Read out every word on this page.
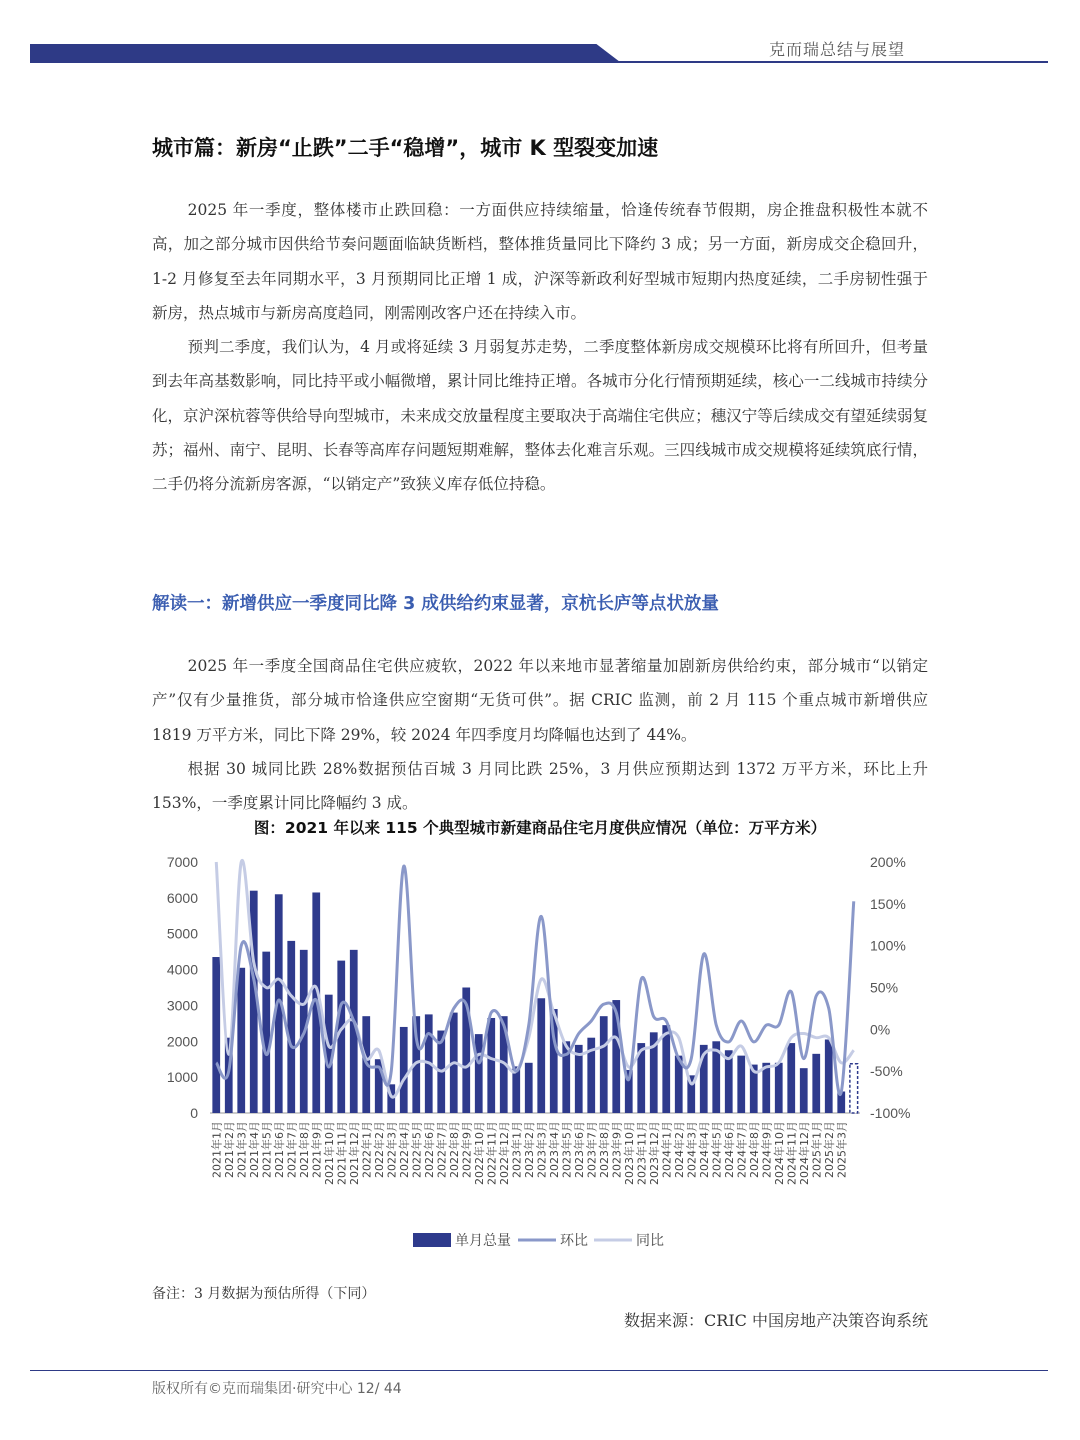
克而瑞总结与展望
城市篇：新房“止跌”二手“稳增”，城市 K 型裂变加速

2025 年一季度，整体楼市止跌回稳：一方面供应持续缩量，恰逢传统春节假期，房企推盘积极性本就不高，加之部分城市因供给节奏问题面临缺货断档，整体推货量同比下降约 3 成；另一方面，新房成交企稳回升，1-2 月修复至去年同期水平，3 月预期同比正增 1 成，沪深等新政利好型城市短期内热度延续，二手房韧性强于新房，热点城市与新房高度趋同，刚需刚改客户还在持续入市。

预判二季度，我们认为，4 月或将延续 3 月弱复苏走势，二季度整体新房成交规模环比将有所回升，但考量到去年高基数影响，同比持平或小幅微增，累计同比维持正增。各城市分化行情预期延续，核心一二线城市持续分化，京沪深杭蓉等供给导向型城市，未来成交放量程度主要取决于高端住宅供应；穗汉宁等后续成交有望延续弱复苏；福州、南宁、昆明、长春等高库存问题短期难解，整体去化难言乐观。三四线城市成交规模将延续筑底行情，二手仍将分流新房客源，“以销定产”致狭义库存低位持稳。

解读一：新增供应一季度同比降 3 成供给约束显著，京杭长庐等点状放量

2025 年一季度全国商品住宅供应疲软，2022 年以来地市显著缩量加剧新房供给约束，部分城市“以销定产”仅有少量推货，部分城市恰逢供应空窗期“无货可供”。据 CRIC 监测，前 2 月 115 个重点城市新增供应 1819 万平方米，同比下降 29%，较 2024 年四季度月均降幅也达到了 44%。

根据 30 城同比跌 28%数据预估百城 3 月同比跌 25%，3 月供应预期达到 1372 万平方米，环比上升 153%，一季度累计同比降幅约 3 成。

图：2021 年以来 115 个典型城市新建商品住宅月度供应情况（单位：万平方米）
0
1000
2000
3000
4000
5000
6000
7000
-100%
-50%
0%
50%
100%
150%
200%
2021年1月 2021年2月 2021年3月 2021年4月 2021年5月 2021年6月 2021年7月 2021年8月 2021年9月 2021年10月 2021年11月 2021年12月 2022年1月 2022年2月 2022年3月 2022年4月 2022年5月 2022年6月 2022年7月 2022年8月 2022年9月 2022年10月 2022年11月 2022年12月 2023年1月 2023年2月 2023年3月 2023年4月 2023年5月 2023年6月 2023年7月 2023年8月 2023年9月 2023年10月 2023年11月 2023年12月 2024年1月 2024年2月 2024年3月 2024年4月 2024年5月 2024年6月 2024年7月 2024年8月 2024年9月 2024年10月 2024年11月 2024年12月 2025年1月 2025年2月 2025年3月
单月总量	环比	同比
备注：3 月数据为预估所得（下同）
数据来源：CRIC 中国房地产决策咨询系统
版权所有©克而瑞集团·研究中心 12/ 44
